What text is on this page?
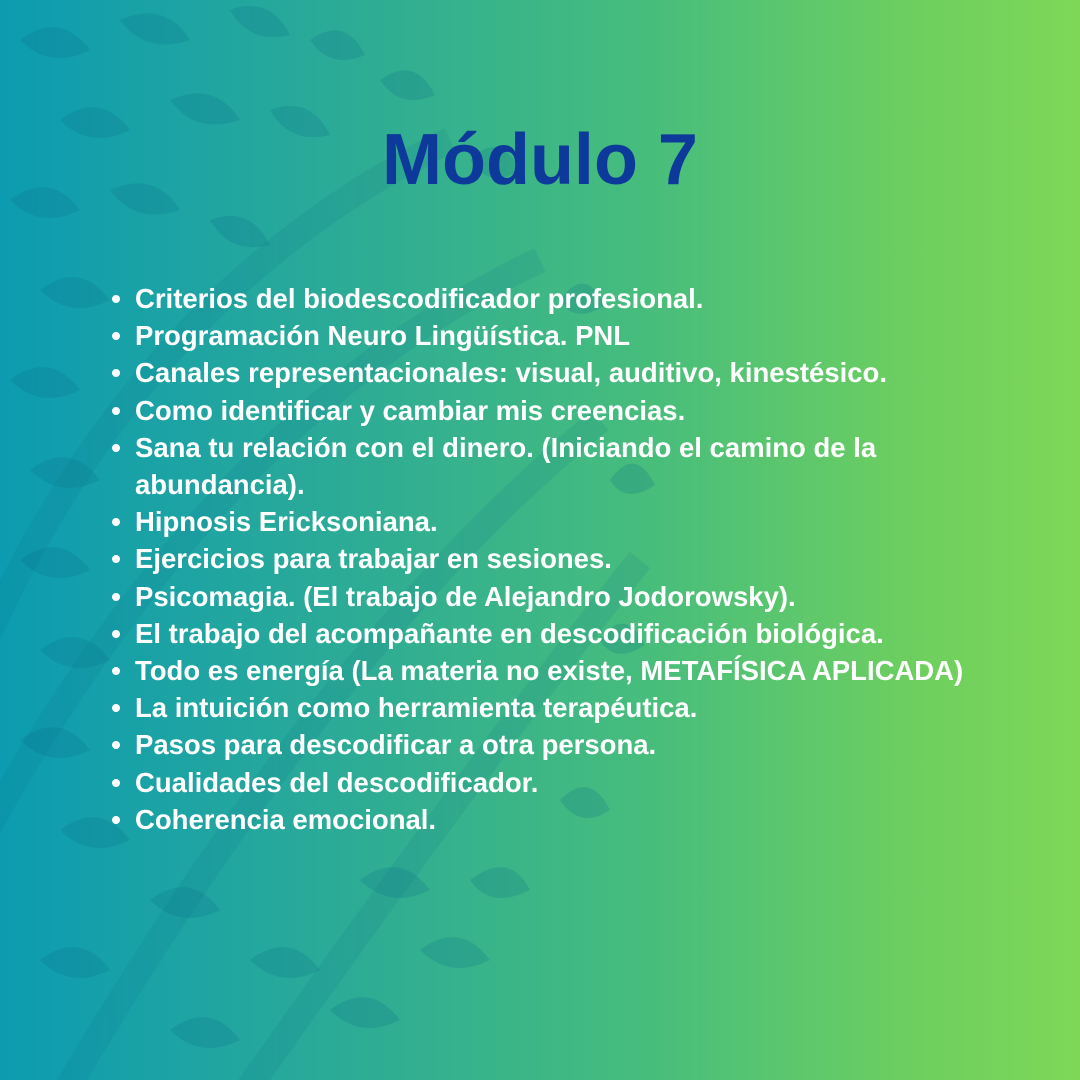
Módulo 7
Criterios del biodescodificador profesional.
Programación Neuro Lingüística. PNL
Canales representacionales: visual, auditivo, kinestésico.
Como identificar y cambiar mis creencias.
Sana tu relación con el dinero. (Iniciando el camino de la abundancia).
Hipnosis Ericksoniana.
Ejercicios para trabajar en sesiones.
Psicomagia. (El trabajo de Alejandro Jodorowsky).
El trabajo del acompañante en descodificación biológica.
Todo es energía (La materia no existe, METAFÍSICA APLICADA)
La intuición como herramienta terapéutica.
Pasos para descodificar a otra persona.
Cualidades del descodificador.
Coherencia emocional.
